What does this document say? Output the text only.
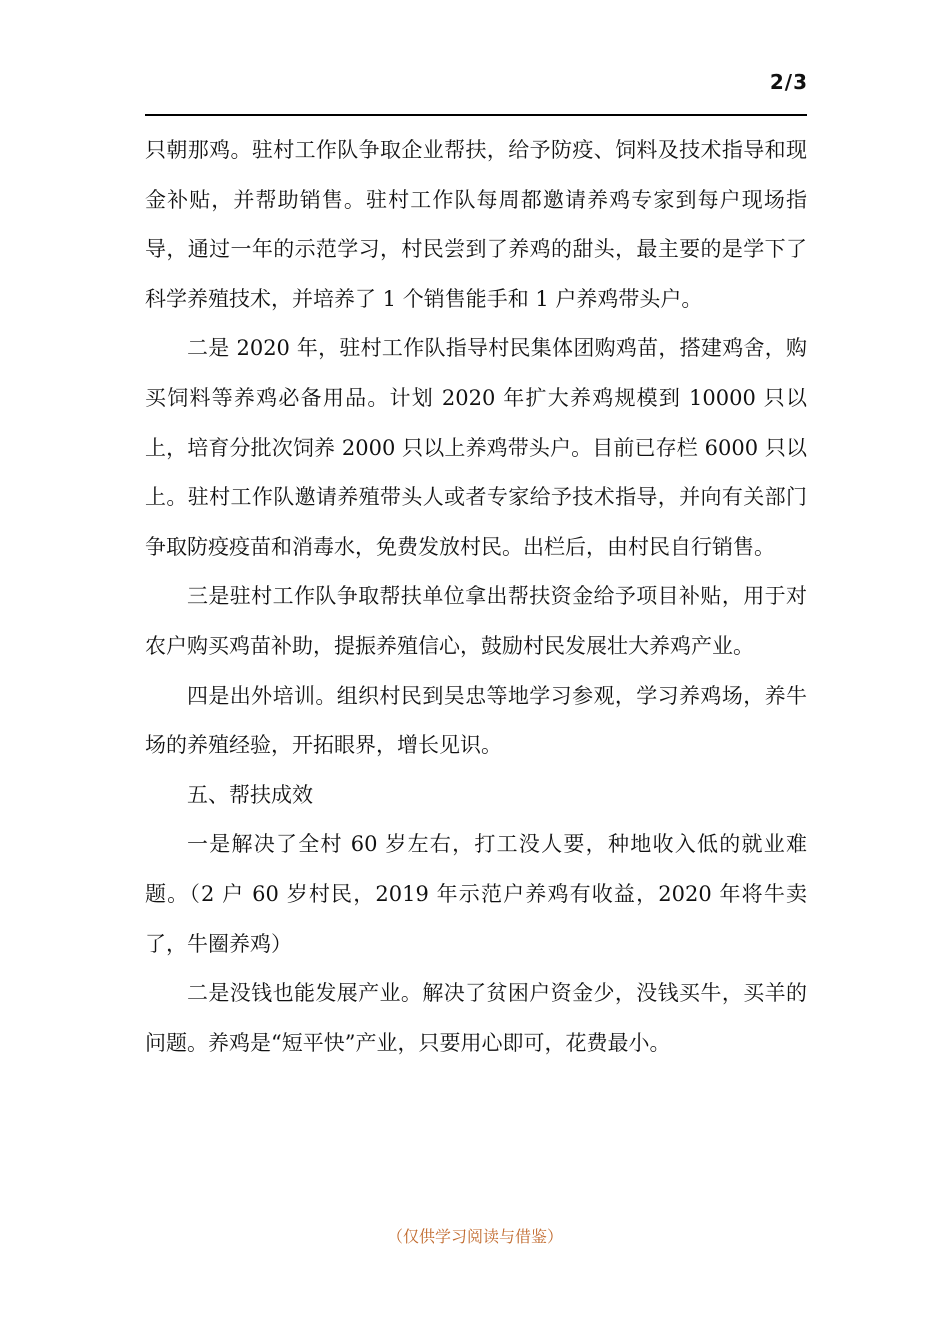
2/3

只朝那鸡。驻村工作队争取企业帮扶，给予防疫、饲料及技术指导和现金补贴，并帮助销售。驻村工作队每周都邀请养鸡专家到每户现场指导，通过一年的示范学习，村民尝到了养鸡的甜头，最主要的是学下了科学养殖技术，并培养了 1 个销售能手和 1 户养鸡带头户。

二是 2020 年，驻村工作队指导村民集体团购鸡苗，搭建鸡舍，购买饲料等养鸡必备用品。计划 2020 年扩大养鸡规模到 10000 只以上，培育分批次饲养 2000 只以上养鸡带头户。目前已存栏 6000 只以上。驻村工作队邀请养殖带头人或者专家给予技术指导，并向有关部门争取防疫疫苗和消毒水，免费发放村民。出栏后，由村民自行销售。

三是驻村工作队争取帮扶单位拿出帮扶资金给予项目补贴，用于对农户购买鸡苗补助，提振养殖信心，鼓励村民发展壮大养鸡产业。

四是出外培训。组织村民到吴忠等地学习参观，学习养鸡场，养牛场的养殖经验，开拓眼界，增长见识。

五、帮扶成效

一是解决了全村 60 岁左右，打工没人要，种地收入低的就业难题。（2 户 60 岁村民，2019 年示范户养鸡有收益，2020 年将牛卖了，牛圈养鸡）

二是没钱也能发展产业。解决了贫困户资金少，没钱买牛，买羊的问题。养鸡是“短平快”产业，只要用心即可，花费最小。

（仅供学习阅读与借鉴）
